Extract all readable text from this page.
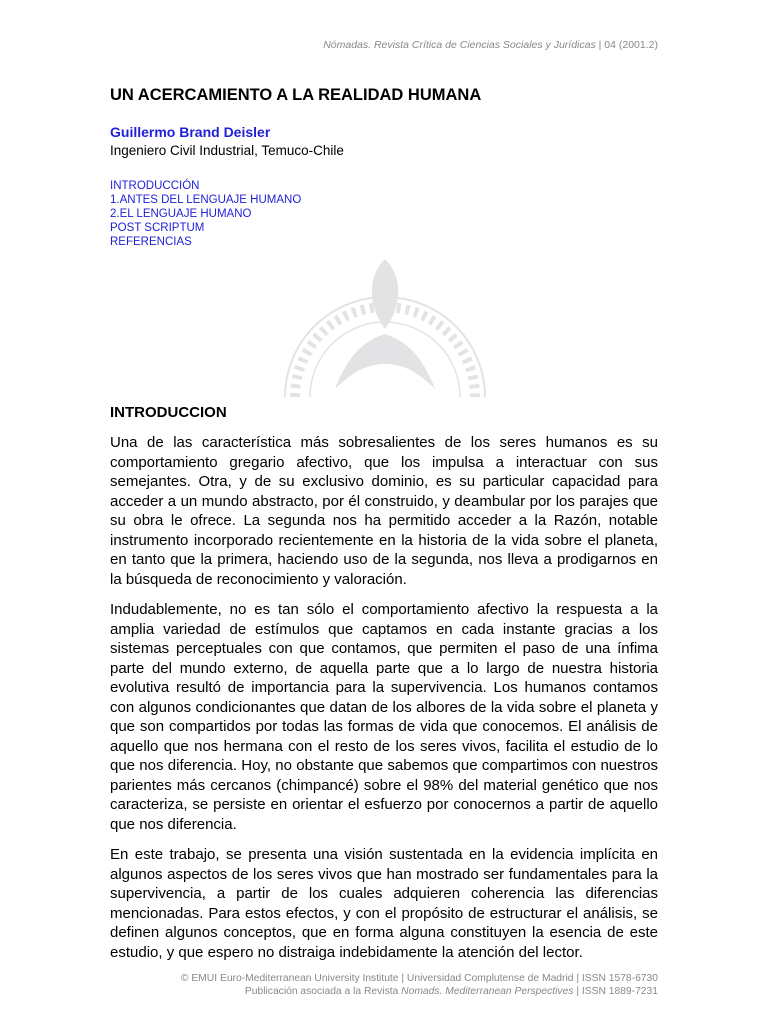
Nómadas. Revista Crítica de Ciencias Sociales y Jurídicas | 04 (2001.2)
UN ACERCAMIENTO A LA REALIDAD HUMANA
Guillermo Brand Deisler
Ingeniero Civil Industrial, Temuco-Chile
INTRODUCCIÓN
1.ANTES DEL LENGUAJE HUMANO
2.EL LENGUAJE HUMANO
POST SCRIPTUM
REFERENCIAS
INTRODUCCION

Una de las característica más sobresalientes de los seres humanos es su comportamiento gregario afectivo, que los impulsa a interactuar con sus semejantes. Otra, y de su exclusivo dominio, es su particular capacidad para acceder a un mundo abstracto, por él construido, y deambular por los parajes que su obra le ofrece. La segunda nos ha permitido acceder a la Razón, notable instrumento incorporado recientemente en la historia de la vida sobre el planeta, en tanto que la primera, haciendo uso de la segunda, nos lleva a prodigarnos en la búsqueda de reconocimiento y valoración.

Indudablemente, no es tan sólo el comportamiento afectivo la respuesta a la amplia variedad de estímulos que captamos en cada instante gracias a los sistemas perceptuales con que contamos, que permiten el paso de una ínfima parte del mundo externo, de aquella parte que a lo largo de nuestra historia evolutiva resultó de importancia para la supervivencia. Los humanos contamos con algunos condicionantes que datan de los albores de la vida sobre el planeta y que son compartidos por todas las formas de vida que conocemos. El análisis de aquello que nos hermana con el resto de los seres vivos, facilita el estudio de lo que nos diferencia. Hoy, no obstante que sabemos que compartimos con nuestros parientes más cercanos (chimpancé) sobre el 98% del material genético que nos caracteriza, se persiste en orientar el esfuerzo por conocernos a partir de aquello que nos diferencia.

En este trabajo, se presenta una visión sustentada en la evidencia implícita en algunos aspectos de los seres vivos que han mostrado ser fundamentales para la supervivencia, a partir de los cuales adquieren coherencia las diferencias mencionadas. Para estos efectos, y con el propósito de estructurar el análisis, se definen algunos conceptos, que en forma alguna constituyen la esencia de este estudio, y que espero no distraiga indebidamente la atención del lector.

© EMUI Euro-Mediterranean University Institute | Universidad Complutense de Madrid | ISSN 1578-6730
Publicación asociada a la Revista Nomads. Mediterranean Perspectives | ISSN 1889-7231
